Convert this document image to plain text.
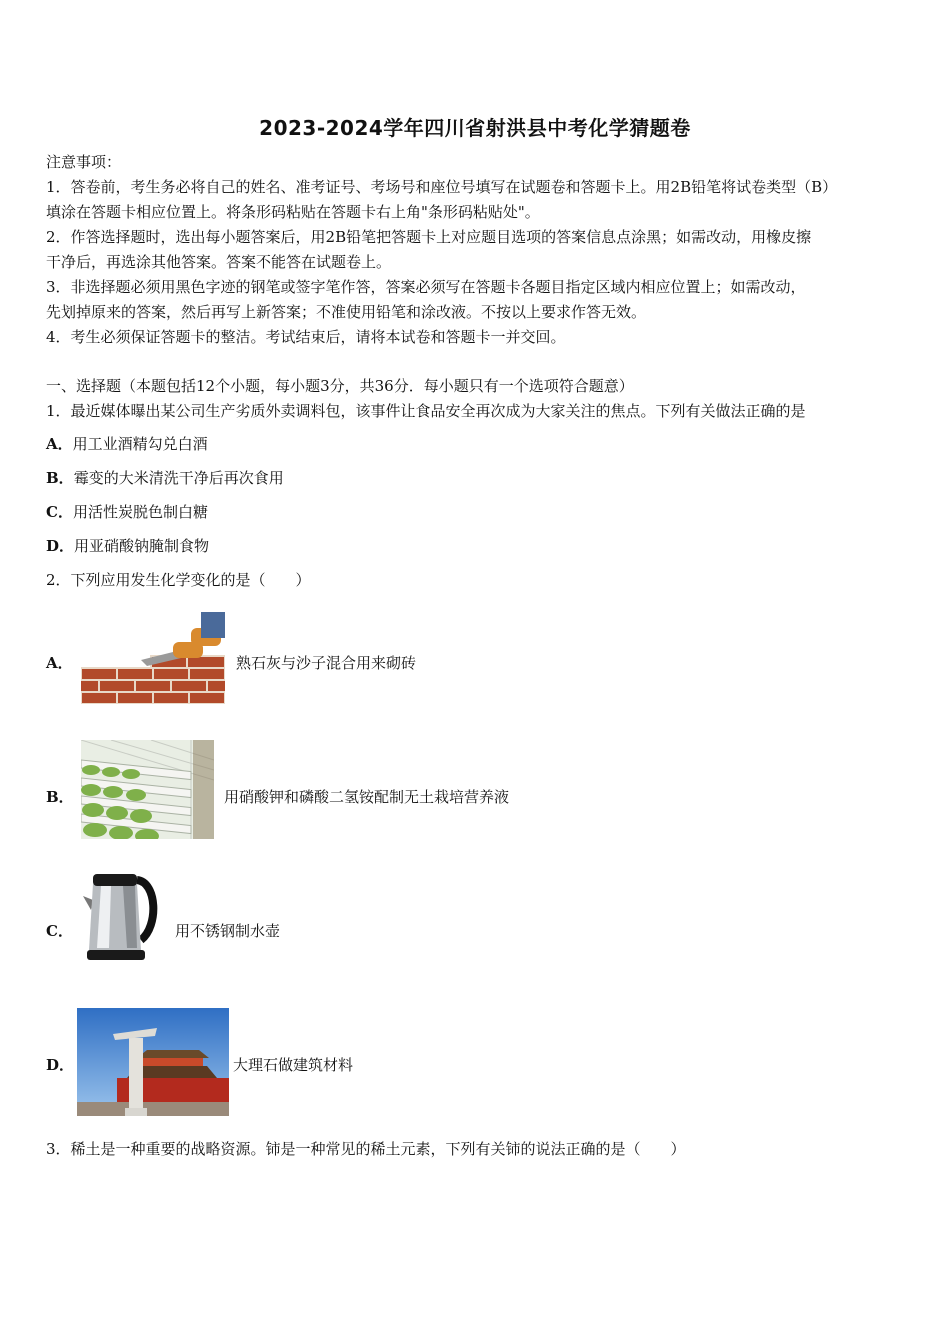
2023-2024学年四川省射洪县中考化学猜题卷
注意事项：
1．答卷前，考生务必将自己的姓名、准考证号、考场号和座位号填写在试题卷和答题卡上。用2B铅笔将试卷类型（B）
填涂在答题卡相应位置上。将条形码粘贴在答题卡右上角"条形码粘贴处"。
2．作答选择题时，选出每小题答案后，用2B铅笔把答题卡上对应题目选项的答案信息点涂黑；如需改动，用橡皮擦
干净后，再选涂其他答案。答案不能答在试题卷上。
3．非选择题必须用黑色字迹的钢笔或签字笔作答，答案必须写在答题卡各题目指定区域内相应位置上；如需改动，
先划掉原来的答案，然后再写上新答案；不准使用铅笔和涂改液。不按以上要求作答无效。
4．考生必须保证答题卡的整洁。考试结束后，请将本试卷和答题卡一并交回。
一、选择题（本题包括12个小题，每小题3分，共36分．每小题只有一个选项符合题意）
1．最近媒体曝出某公司生产劣质外卖调料包，该事件让食品安全再次成为大家关注的焦点。下列有关做法正确的是
A．用工业酒精勾兑白酒
B．霉变的大米清洗干净后再次食用
C．用活性炭脱色制白糖
D．用亚硝酸钠腌制食物
2．下列应用发生化学变化的是（　　）
A．	熟石灰与沙子混合用来砌砖
B．	用硝酸钾和磷酸二氢铵配制无土栽培营养液
C．	用不锈钢制水壶
D．	大理石做建筑材料
3．稀土是一种重要的战略资源。铈是一种常见的稀土元素，下列有关铈的说法正确的是（　　）
